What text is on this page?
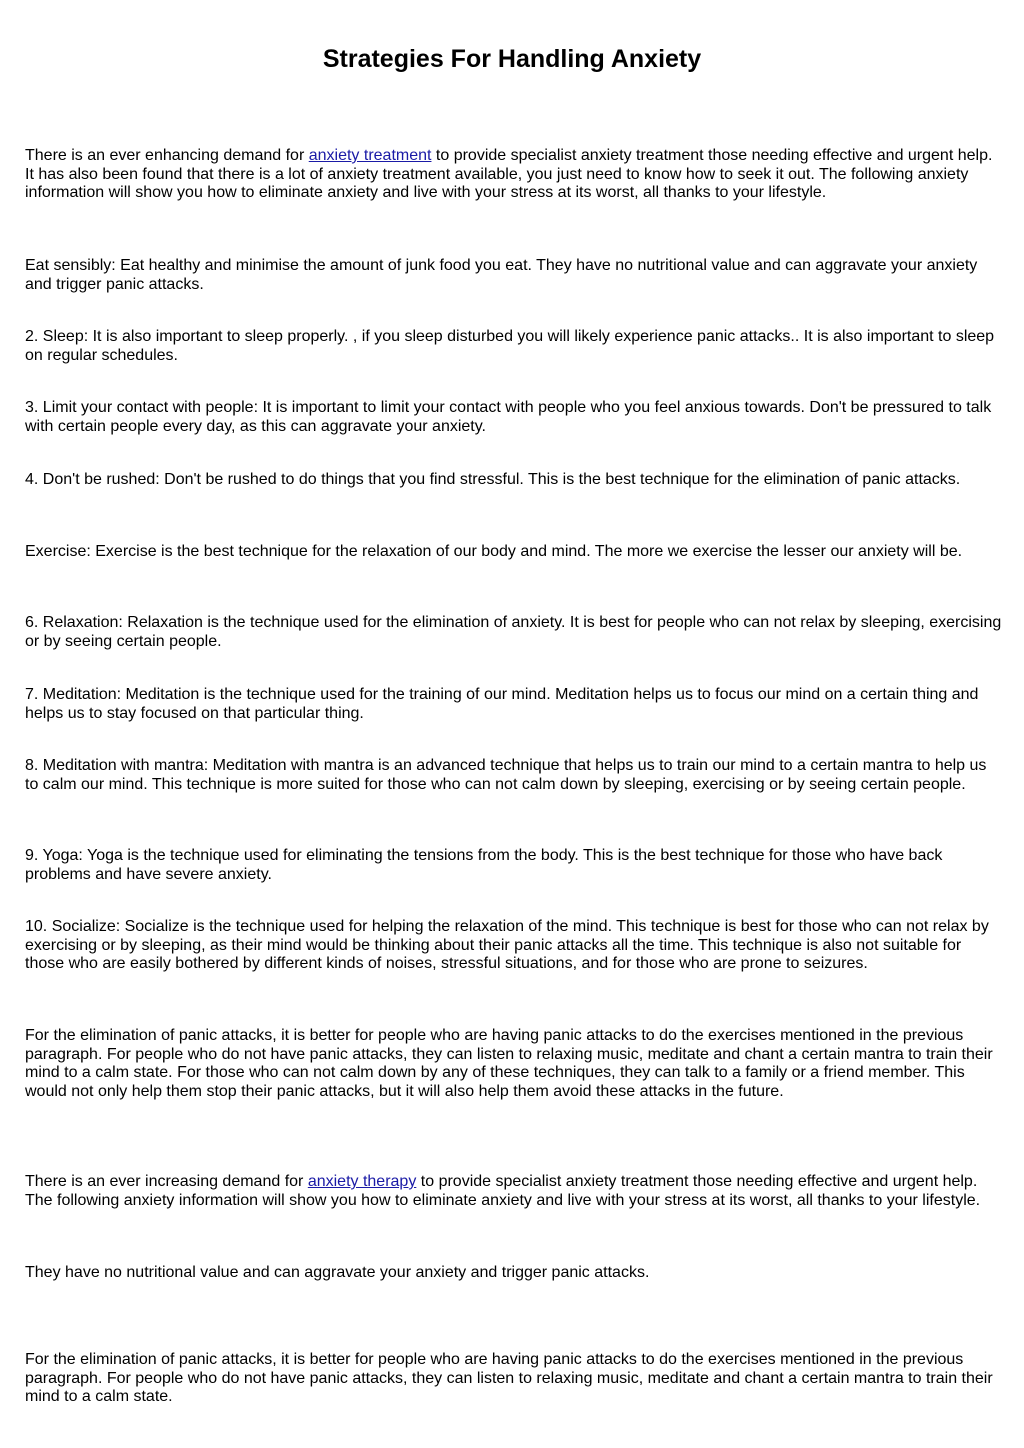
Strategies For Handling Anxiety

There is an ever enhancing demand for anxiety treatment to provide specialist anxiety treatment those needing effective and urgent help. It has also been found that there is a lot of anxiety treatment available, you just need to know how to seek it out. The following anxiety information will show you how to eliminate anxiety and live with your stress at its worst, all thanks to your lifestyle.

Eat sensibly: Eat healthy and minimise the amount of junk food you eat. They have no nutritional value and can aggravate your anxiety and trigger panic attacks.

2. Sleep: It is also important to sleep properly. , if you sleep disturbed you will likely experience panic attacks.. It is also important to sleep on regular schedules.

3. Limit your contact with people: It is important to limit your contact with people who you feel anxious towards. Don't be pressured to talk with certain people every day, as this can aggravate your anxiety.

4. Don't be rushed: Don't be rushed to do things that you find stressful. This is the best technique for the elimination of panic attacks.

Exercise: Exercise is the best technique for the relaxation of our body and mind. The more we exercise the lesser our anxiety will be.

6. Relaxation: Relaxation is the technique used for the elimination of anxiety. It is best for people who can not relax by sleeping, exercising or by seeing certain people.

7. Meditation: Meditation is the technique used for the training of our mind. Meditation helps us to focus our mind on a certain thing and helps us to stay focused on that particular thing.

8. Meditation with mantra: Meditation with mantra is an advanced technique that helps us to train our mind to a certain mantra to help us to calm our mind. This technique is more suited for those who can not calm down by sleeping, exercising or by seeing certain people.

9. Yoga: Yoga is the technique used for eliminating the tensions from the body. This is the best technique for those who have back problems and have severe anxiety.

10. Socialize: Socialize is the technique used for helping the relaxation of the mind. This technique is best for those who can not relax by exercising or by sleeping, as their mind would be thinking about their panic attacks all the time. This technique is also not suitable for those who are easily bothered by different kinds of noises, stressful situations, and for those who are prone to seizures.

For the elimination of panic attacks, it is better for people who are having panic attacks to do the exercises mentioned in the previous paragraph. For people who do not have panic attacks, they can listen to relaxing music, meditate and chant a certain mantra to train their mind to a calm state. For those who can not calm down by any of these techniques, they can talk to a family or a friend member. This would not only help them stop their panic attacks, but it will also help them avoid these attacks in the future.

There is an ever increasing demand for anxiety therapy to provide specialist anxiety treatment those needing effective and urgent help. The following anxiety information will show you how to eliminate anxiety and live with your stress at its worst, all thanks to your lifestyle.

They have no nutritional value and can aggravate your anxiety and trigger panic attacks.

For the elimination of panic attacks, it is better for people who are having panic attacks to do the exercises mentioned in the previous paragraph. For people who do not have panic attacks, they can listen to relaxing music, meditate and chant a certain mantra to train their mind to a calm state.
